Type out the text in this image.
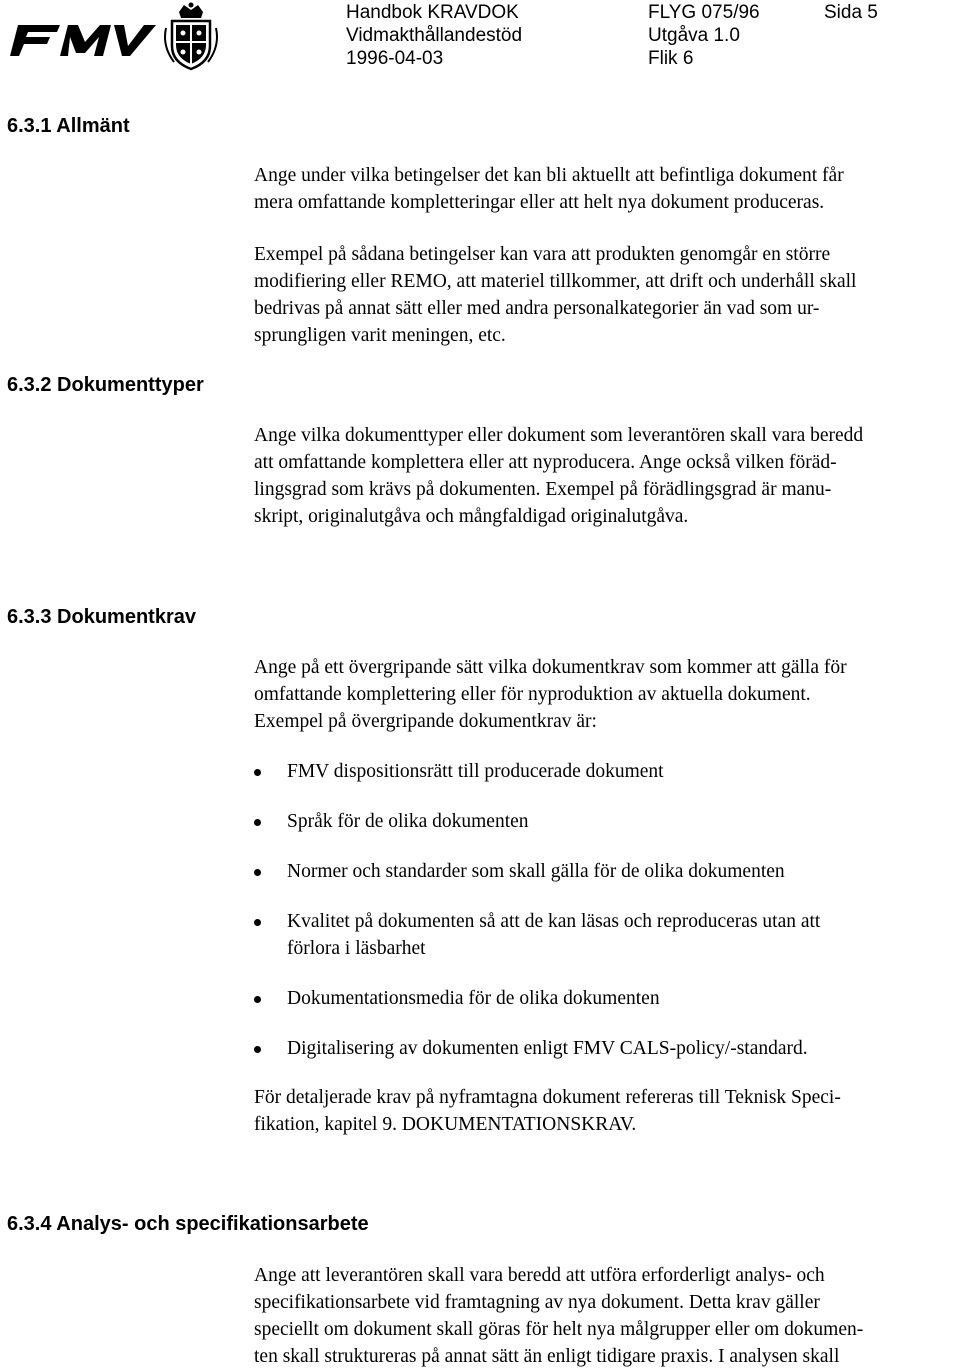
Handbok KRAVDOK	FLYG 075/96	Sida 5
Vidmakthållandestöd	Utgåva 1.0
1996-04-03	Flik 6
6.3.1 Allmänt
Ange under vilka betingelser det kan bli aktuellt att befintliga dokument får
mera omfattande kompletteringar eller att helt nya dokument produceras.
Exempel på sådana betingelser kan vara att produkten genomgår en större
modifiering eller REMO, att materiel tillkommer, att drift och underhåll skall
bedrivas på annat sätt eller med andra personalkategorier än vad som ur-
sprungligen varit meningen, etc.
6.3.2 Dokumenttyper
Ange vilka dokumenttyper eller dokument som leverantören skall vara beredd
att omfattande komplettera eller att nyproducera. Ange också vilken föräd-
lingsgrad som krävs på dokumenten. Exempel på förädlingsgrad är manu-
skript, originalutgåva och mångfaldigad originalutgåva.
6.3.3 Dokumentkrav
Ange på ett övergripande sätt vilka dokumentkrav som kommer att gälla för
omfattande komplettering eller för nyproduktion av aktuella dokument.
Exempel på övergripande dokumentkrav är:
FMV dispositionsrätt till producerade dokument
Språk för de olika dokumenten
Normer och standarder som skall gälla för de olika dokumenten
Kvalitet på dokumenten så att de kan läsas och reproduceras utan att
förlora i läsbarhet
Dokumentationsmedia för de olika dokumenten
Digitalisering av dokumenten enligt FMV CALS-policy/-standard.
För detaljerade krav på nyframtagna dokument refereras till Teknisk Speci-
fikation, kapitel 9. DOKUMENTATIONSKRAV.
6.3.4 Analys- och specifikationsarbete
Ange att leverantören skall vara beredd att utföra erforderligt analys- och
specifikationsarbete vid framtagning av nya dokument. Detta krav gäller
speciellt om dokument skall göras för helt nya målgrupper eller om dokumen-
ten skall struktureras på annat sätt än enligt tidigare praxis. I analysen skall
